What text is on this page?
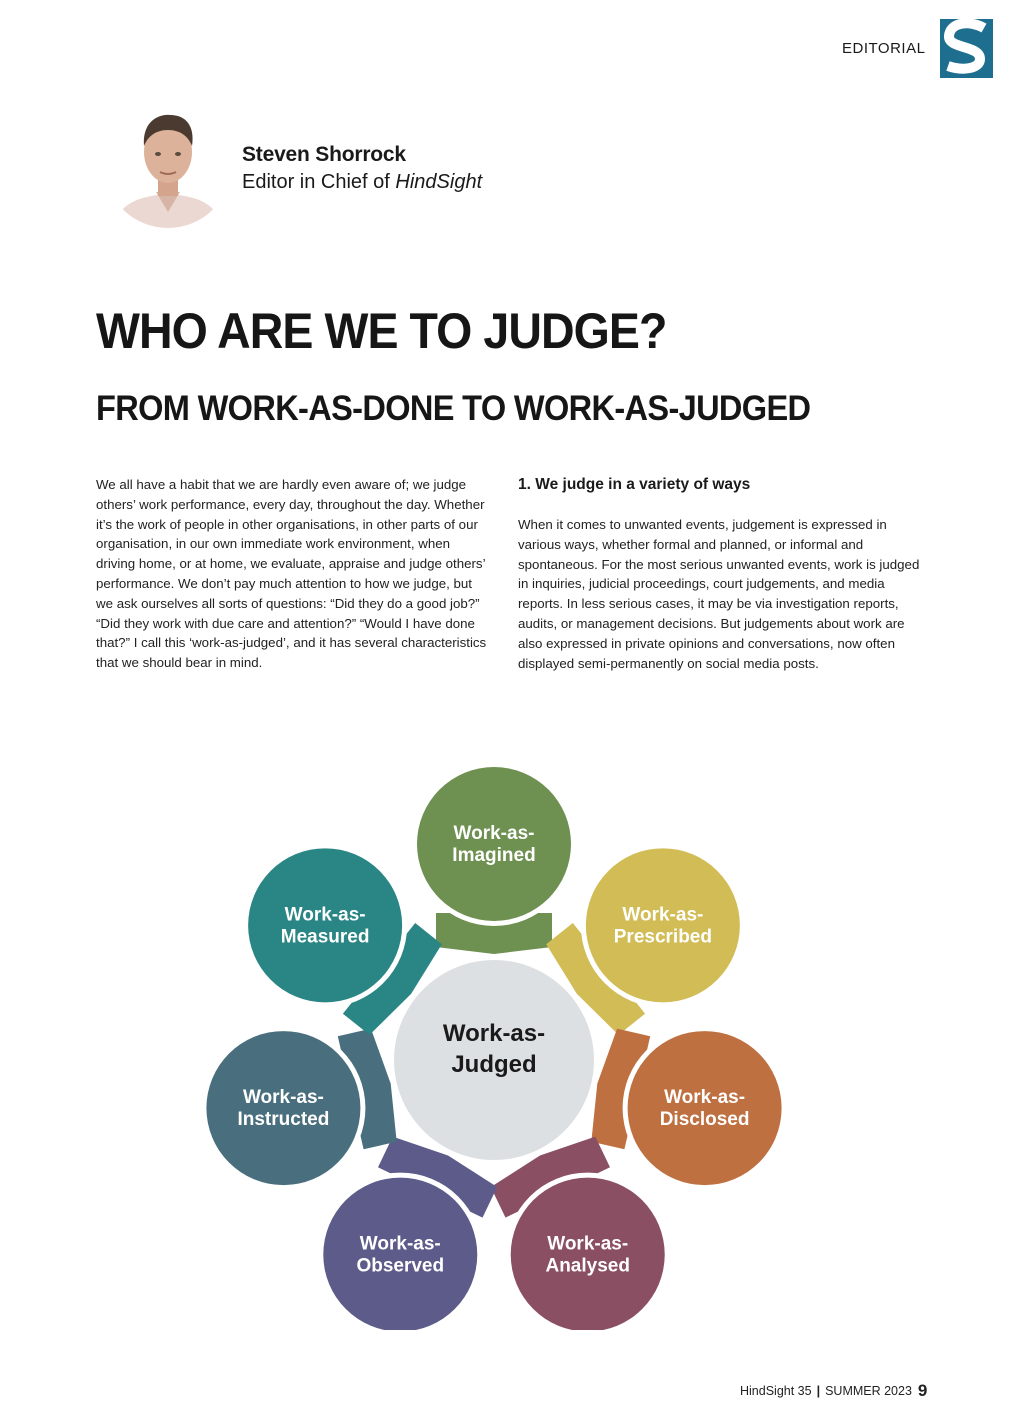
EDITORIAL
Steven Shorrock
Editor in Chief of HindSight
WHO ARE WE TO JUDGE?
FROM WORK-AS-DONE TO WORK-AS-JUDGED

We all have a habit that we are hardly even aware of; we judge others’ work performance, every day, throughout the day. Whether it’s the work of people in other organisations, in other parts of our organisation, in our own immediate work environment, when driving home, or at home, we evaluate, appraise and judge others’ performance. We don’t pay much attention to how we judge, but we ask ourselves all sorts of questions: “Did they do a good job?” “Did they work with due care and attention?” “Would I have done that?” I call this ‘work-as-judged’, and it has several characteristics that we should bear in mind.

1. We judge in a variety of ways

When it comes to unwanted events, judgement is expressed in various ways, whether formal and planned, or informal and spontaneous. For the most serious unwanted events, work is judged in inquiries, judicial proceedings, court judgements, and media reports. In less serious cases, it may be via investigation reports, audits, or management decisions. But judgements about work are also expressed in private opinions and conversations, now often displayed semi-permanently on social media posts.

Work-as-
Imagined
Work-as-
Prescribed
Work-as-
Disclosed
Work-as-
Analysed
Work-as-
Observed
Work-as-
Instructed
Work-as-
Measured
Work-as-
Judged
HindSight 35 | SUMMER 2023 9
